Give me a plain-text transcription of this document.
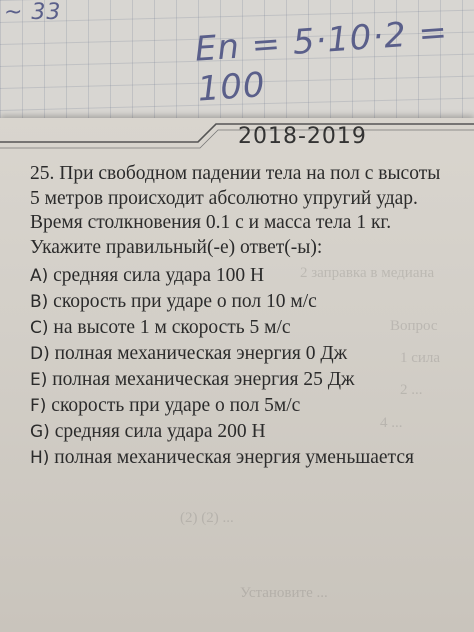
~ 33	En = 5·10·2 = 100
2018-2019
2 заправка в медиана
Вопрос
1 сила
2 ...
4 ...
(2) (2) ...
Установите ...

25. При свободном падении тела на пол с высоты 5 метров происходит абсолютно упругий удар. Время столкновения 0.1 с и масса тела 1 кг. Укажите правильный(-е) ответ(-ы):

A) средняя сила удара 100 Н
B) скорость при ударе о пол 10 м/с
C) на высоте 1 м скорость 5 м/с
D) полная механическая энергия 0 Дж
E) полная механическая энергия 25 Дж
F) скорость при ударе о пол 5м/с
G) средняя сила удара 200 Н
H) полная механическая энергия уменьшается
